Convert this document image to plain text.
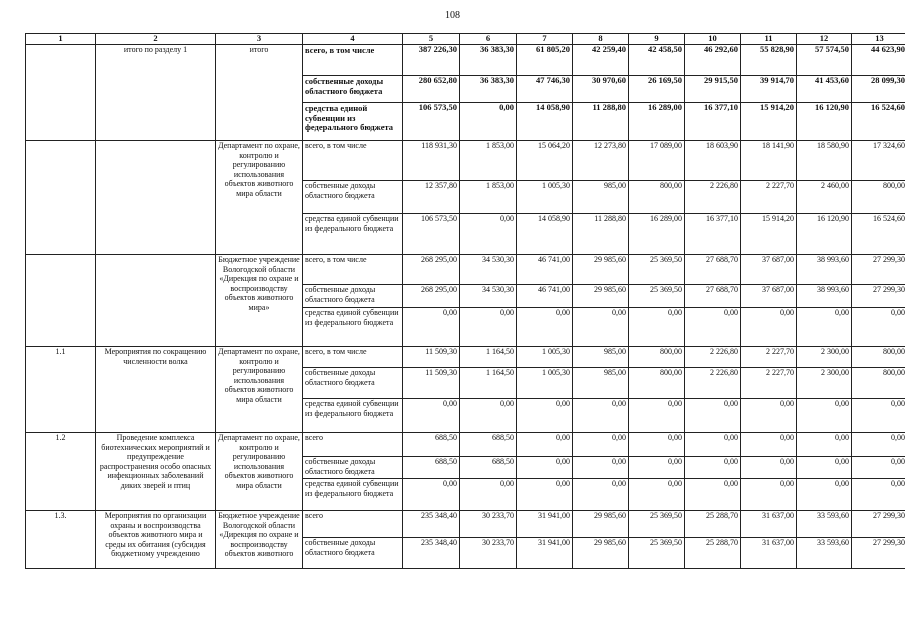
108
1	2	3	4	5	6	7	8	9	10	11	12	13
	итого по разделу 1	итого	всего, в том числе	387 226,30	36 383,30	61 805,20	42 259,40	42 458,50	46 292,60	55 828,90	57 574,50	44 623,90
			собственные доходы областного бюджета	280 652,80	36 383,30	47 746,30	30 970,60	26 169,50	29 915,50	39 914,70	41 453,60	28 099,30
			средства единой субвенции из федерального бюджета	106 573,50	0,00	14 058,90	11 288,80	16 289,00	16 377,10	15 914,20	16 120,90	16 524,60
		Департамент по охране, контролю и регулированию использования объектов животного мира области	всего, в том числе	118 931,30	1 853,00	15 064,20	12 273,80	17 089,00	18 603,90	18 141,90	18 580,90	17 324,60
			собственные доходы областного бюджета	12 357,80	1 853,00	1 005,30	985,00	800,00	2 226,80	2 227,70	2 460,00	800,00
			средства единой субвенции из федерального бюджета	106 573,50	0,00	14 058,90	11 288,80	16 289,00	16 377,10	15 914,20	16 120,90	16 524,60
		Бюджетное учреждение Вологодской области «Дирекция по охране и воспроизводству объектов животного мира»	всего, в том числе	268 295,00	34 530,30	46 741,00	29 985,60	25 369,50	27 688,70	37 687,00	38 993,60	27 299,30
			собственные доходы областного бюджета	268 295,00	34 530,30	46 741,00	29 985,60	25 369,50	27 688,70	37 687,00	38 993,60	27 299,30
			средства единой субвенции из федерального бюджета	0,00	0,00	0,00	0,00	0,00	0,00	0,00	0,00	0,00
1.1	Мероприятия по сокращению численности волка	Департамент по охране, контролю и регулированию использования объектов животного мира области	всего, в том числе	11 509,30	1 164,50	1 005,30	985,00	800,00	2 226,80	2 227,70	2 300,00	800,00
			собственные доходы областного бюджета	11 509,30	1 164,50	1 005,30	985,00	800,00	2 226,80	2 227,70	2 300,00	800,00
			средства единой субвенции из федерального бюджета	0,00	0,00	0,00	0,00	0,00	0,00	0,00	0,00	0,00
1.2	Проведение комплекса биотехнических мероприятий и предупреждение распространения особо опасных инфекционных заболеваний диких зверей и птиц	Департамент по охране, контролю и регулированию использования объектов животного мира области	всего	688,50	688,50	0,00	0,00	0,00	0,00	0,00	0,00	0,00
			собственные доходы областного бюджета	688,50	688,50	0,00	0,00	0,00	0,00	0,00	0,00	0,00
			средства единой субвенции из федерального бюджета	0,00	0,00	0,00	0,00	0,00	0,00	0,00	0,00	0,00
1.3.	Мероприятия по организации охраны и воспроизводства объектов животного мира и среды их обитания (субсидия бюджетному учреждению	Бюджетное учреждение Вологодской области «Дирекция по охране и воспроизводству объектов животного	всего	235 348,40	30 233,70	31 941,00	29 985,60	25 369,50	25 288,70	31 637,00	33 593,60	27 299,30
			собственные доходы областного бюджета	235 348,40	30 233,70	31 941,00	29 985,60	25 369,50	25 288,70	31 637,00	33 593,60	27 299,30
